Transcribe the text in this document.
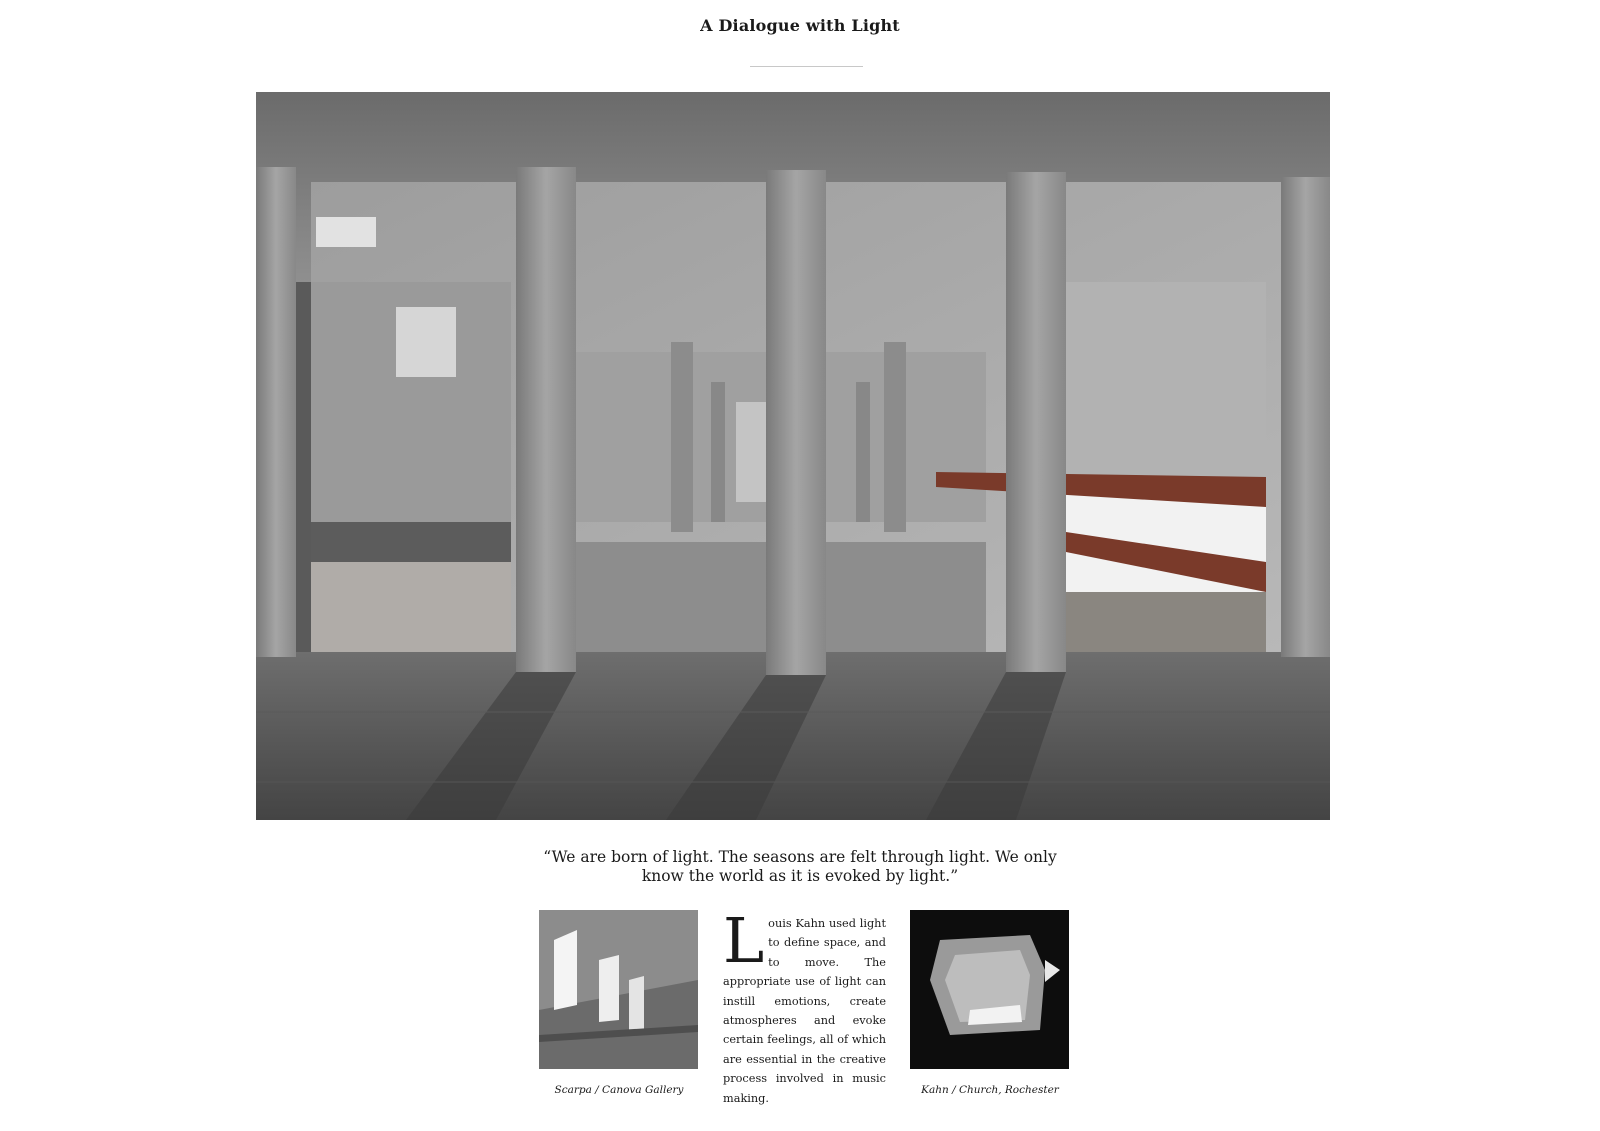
A Dialogue with Light
“We are born of light. The seasons are felt through light. We only know the world as it is evoked by light.”
Scarpa / Canova Gallery
Louis Kahn used light to define space, and to move. The appropriate use of light can instill emotions, create atmospheres and evoke certain feelings, all of which are essential in the creative process involved in music making.
Kahn / Church, Rochester
